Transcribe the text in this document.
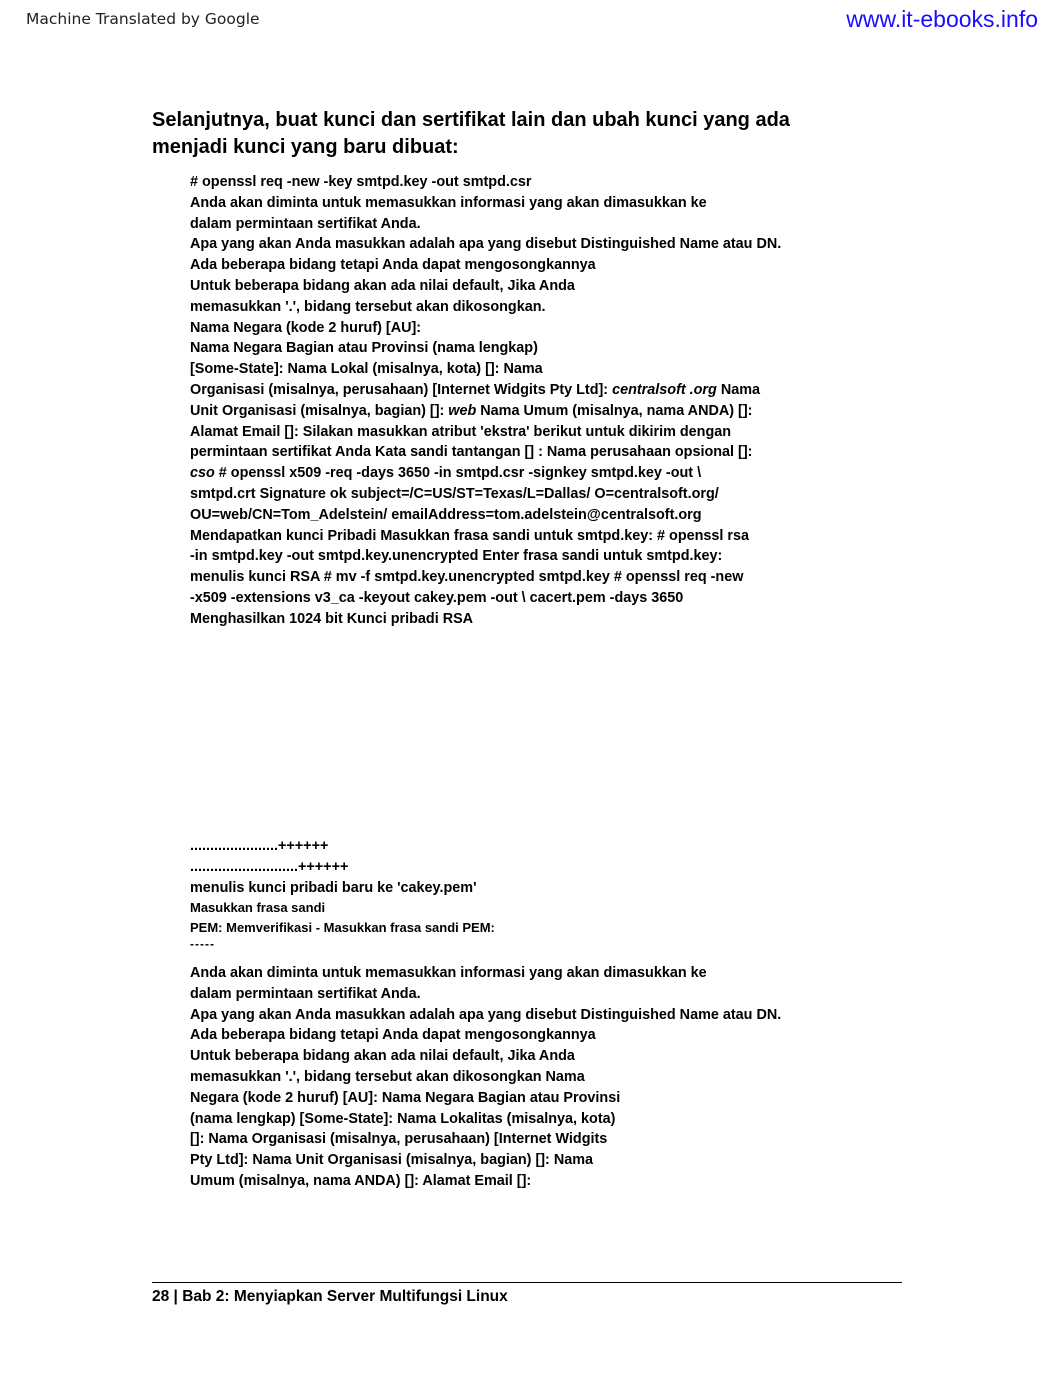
Machine Translated by Google	www.it-ebooks.info
Selanjutnya, buat kunci dan sertifikat lain dan ubah kunci yang ada
menjadi kunci yang baru dibuat:
# openssl req -new -key smtpd.key -out smtpd.csr
Anda akan diminta untuk memasukkan informasi yang akan dimasukkan ke
dalam permintaan sertifikat Anda.
Apa yang akan Anda masukkan adalah apa yang disebut Distinguished Name atau DN.
Ada beberapa bidang tetapi Anda dapat mengosongkannya
Untuk beberapa bidang akan ada nilai default, Jika Anda
memasukkan '.', bidang tersebut akan dikosongkan.
Nama Negara (kode 2 huruf) [AU]:
Nama Negara Bagian atau Provinsi (nama lengkap)
[Some-State]: Nama Lokal (misalnya, kota) []: Nama
Organisasi (misalnya, perusahaan) [Internet Widgits Pty Ltd]: centralsoft .org Nama
Unit Organisasi (misalnya, bagian) []: web Nama Umum (misalnya, nama ANDA) []:
Alamat Email []: Silakan masukkan atribut 'ekstra' berikut untuk dikirim dengan
permintaan sertifikat Anda Kata sandi tantangan [] : Nama perusahaan opsional []:
cso # openssl x509 -req -days 3650 -in smtpd.csr -signkey smtpd.key -out \
smtpd.crt Signature ok subject=/C=US/ST=Texas/L=Dallas/ O=centralsoft.org/
OU=web/CN=Tom_Adelstein/ emailAddress=tom.adelstein@centralsoft.org
Mendapatkan kunci Pribadi Masukkan frasa sandi untuk smtpd.key: # openssl rsa
-in smtpd.key -out smtpd.key.unencrypted Enter frasa sandi untuk smtpd.key:
menulis kunci RSA # mv -f smtpd.key.unencrypted smtpd.key # openssl req -new
-x509 -extensions v3_ca -keyout cakey.pem -out \ cacert.pem -days 3650
Menghasilkan 1024 bit Kunci pribadi RSA
......................++++++
...........................++++++
menulis kunci pribadi baru ke 'cakey.pem'
Masukkan frasa sandi
PEM: Memverifikasi - Masukkan frasa sandi PEM:
-----
Anda akan diminta untuk memasukkan informasi yang akan dimasukkan ke
dalam permintaan sertifikat Anda.
Apa yang akan Anda masukkan adalah apa yang disebut Distinguished Name atau DN.
Ada beberapa bidang tetapi Anda dapat mengosongkannya
Untuk beberapa bidang akan ada nilai default, Jika Anda
memasukkan '.', bidang tersebut akan dikosongkan Nama
Negara (kode 2 huruf) [AU]: Nama Negara Bagian atau Provinsi
(nama lengkap) [Some-State]: Nama Lokalitas (misalnya, kota)
[]: Nama Organisasi (misalnya, perusahaan) [Internet Widgits
Pty Ltd]: Nama Unit Organisasi (misalnya, bagian) []: Nama
Umum (misalnya, nama ANDA) []: Alamat Email []:
28 | Bab 2: Menyiapkan Server Multifungsi Linux
